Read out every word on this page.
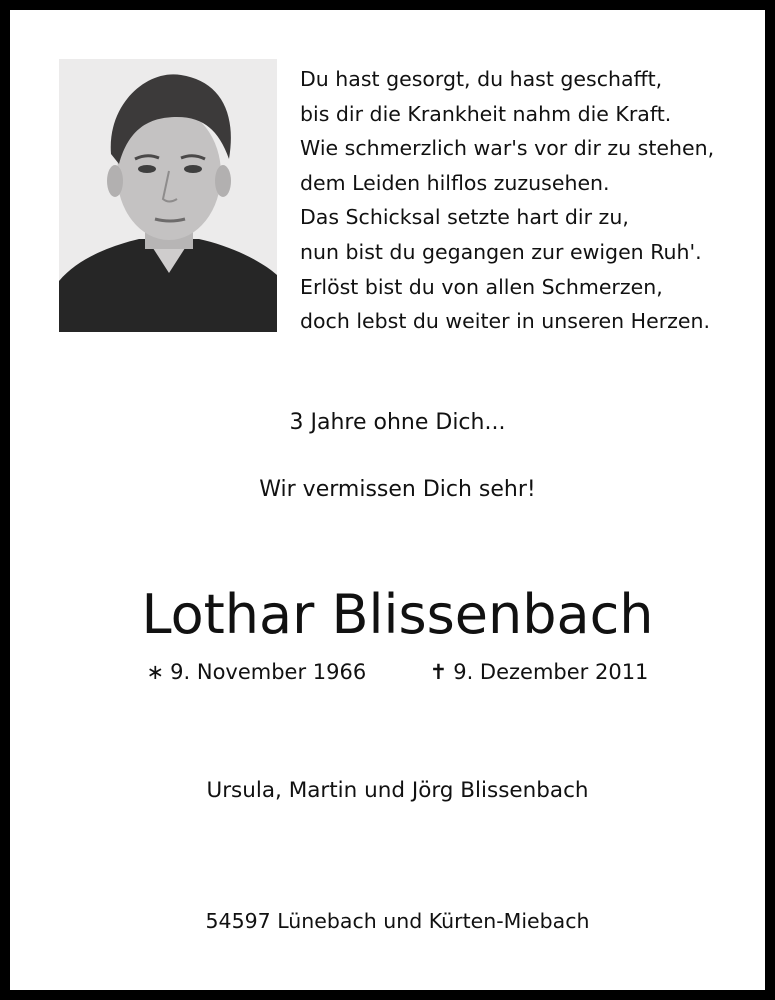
Du hast gesorgt, du hast geschafft,
bis dir die Krankheit nahm die Kraft.
Wie schmerzlich war's vor dir zu stehen,
dem Leiden hilflos zuzusehen.
Das Schicksal setzte hart dir zu,
nun bist du gegangen zur ewigen Ruh'.
Erlöst bist du von allen Schmerzen,
doch lebst du weiter in unseren Herzen.
3 Jahre ohne Dich...
Wir vermissen Dich sehr!
Lothar Blissenbach
∗ 9. November 1966	✝ 9. Dezember 2011
Ursula, Martin und Jörg Blissenbach
54597 Lünebach und Kürten-Miebach
